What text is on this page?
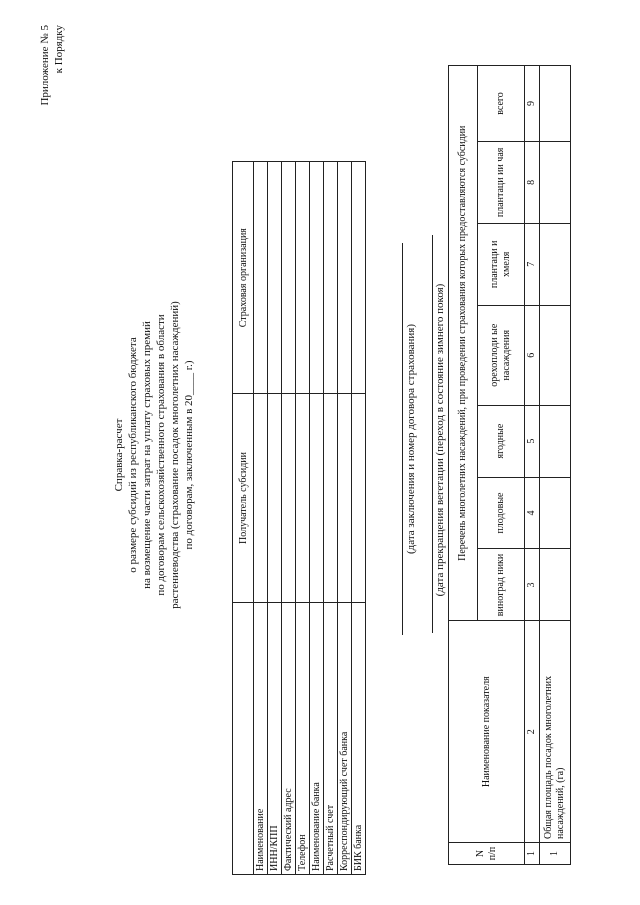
Приложение № 5 к Порядку
Справка-расчет о размере субсидий из республиканского бюджета на возмещение части затрат на уплату страховых премий по договорам сельскохозяйственного страхования в области растениеводства (страхование посадок многолетних насаждений) по договорам, заключенным в 20____ г.)
		Получатель субсидии	Страховая организация
Наименование		
ИНН/КПП		
Фактический адрес		
Телефон		
Наименование банка		
Расчетный счет		
Корреспондирующий счет банка		
БИК банка		
(дата заключения и номер договора страхования) (дата прекращения вегетации (переход в состояние зимнего покоя)
N п/п	Наименование показателя	Перечень многолетних насаждений, при проведении страхования которых предоставляются субсидии						
		виноград ники	плодовые	ягодные	орехоплоди ые насаждения	плантаци и хмеля	плантаци ии чая	всего
1	2	3	4	5	6	7	8	9
1	Общая площадь посадок многолетних насаждений, (га)							
